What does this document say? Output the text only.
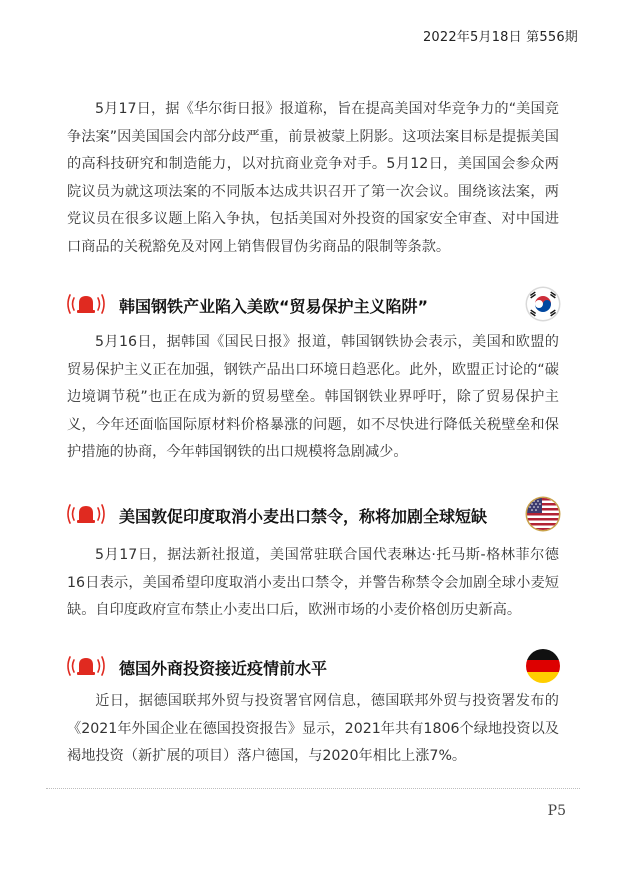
2022年5月18日 第556期

5月17日，据《华尔街日报》报道称，旨在提高美国对华竞争力的“美国竞争法案”因美国国会内部分歧严重，前景被蒙上阴影。这项法案目标是提振美国的高科技研究和制造能力，以对抗商业竞争对手。5月12日，美国国会参众两院议员为就这项法案的不同版本达成共识召开了第一次会议。围绕该法案，两党议员在很多议题上陷入争执，包括美国对外投资的国家安全审查、对中国进口商品的关税豁免及对网上销售假冒伪劣商品的限制等条款。

韩国钢铁产业陷入美欧“贸易保护主义陷阱”

5月16日，据韩国《国民日报》报道，韩国钢铁协会表示，美国和欧盟的贸易保护主义正在加强，钢铁产品出口环境日趋恶化。此外，欧盟正讨论的“碳边境调节税”也正在成为新的贸易壁垒。韩国钢铁业界呼吁，除了贸易保护主义，今年还面临国际原材料价格暴涨的问题，如不尽快进行降低关税壁垒和保护措施的协商，今年韩国钢铁的出口规模将急剧减少。

美国敦促印度取消小麦出口禁令，称将加剧全球短缺

5月17日，据法新社报道，美国常驻联合国代表琳达·托马斯-格林菲尔德16日表示，美国希望印度取消小麦出口禁令，并警告称禁令会加剧全球小麦短缺。自印度政府宣布禁止小麦出口后，欧洲市场的小麦价格创历史新高。

德国外商投资接近疫情前水平

近日，据德国联邦外贸与投资署官网信息，德国联邦外贸与投资署发布的《2021年外国企业在德国投资报告》显示，2021年共有1806个绿地投资以及褐地投资（新扩展的项目）落户德国，与2020年相比上涨7%。

P5
